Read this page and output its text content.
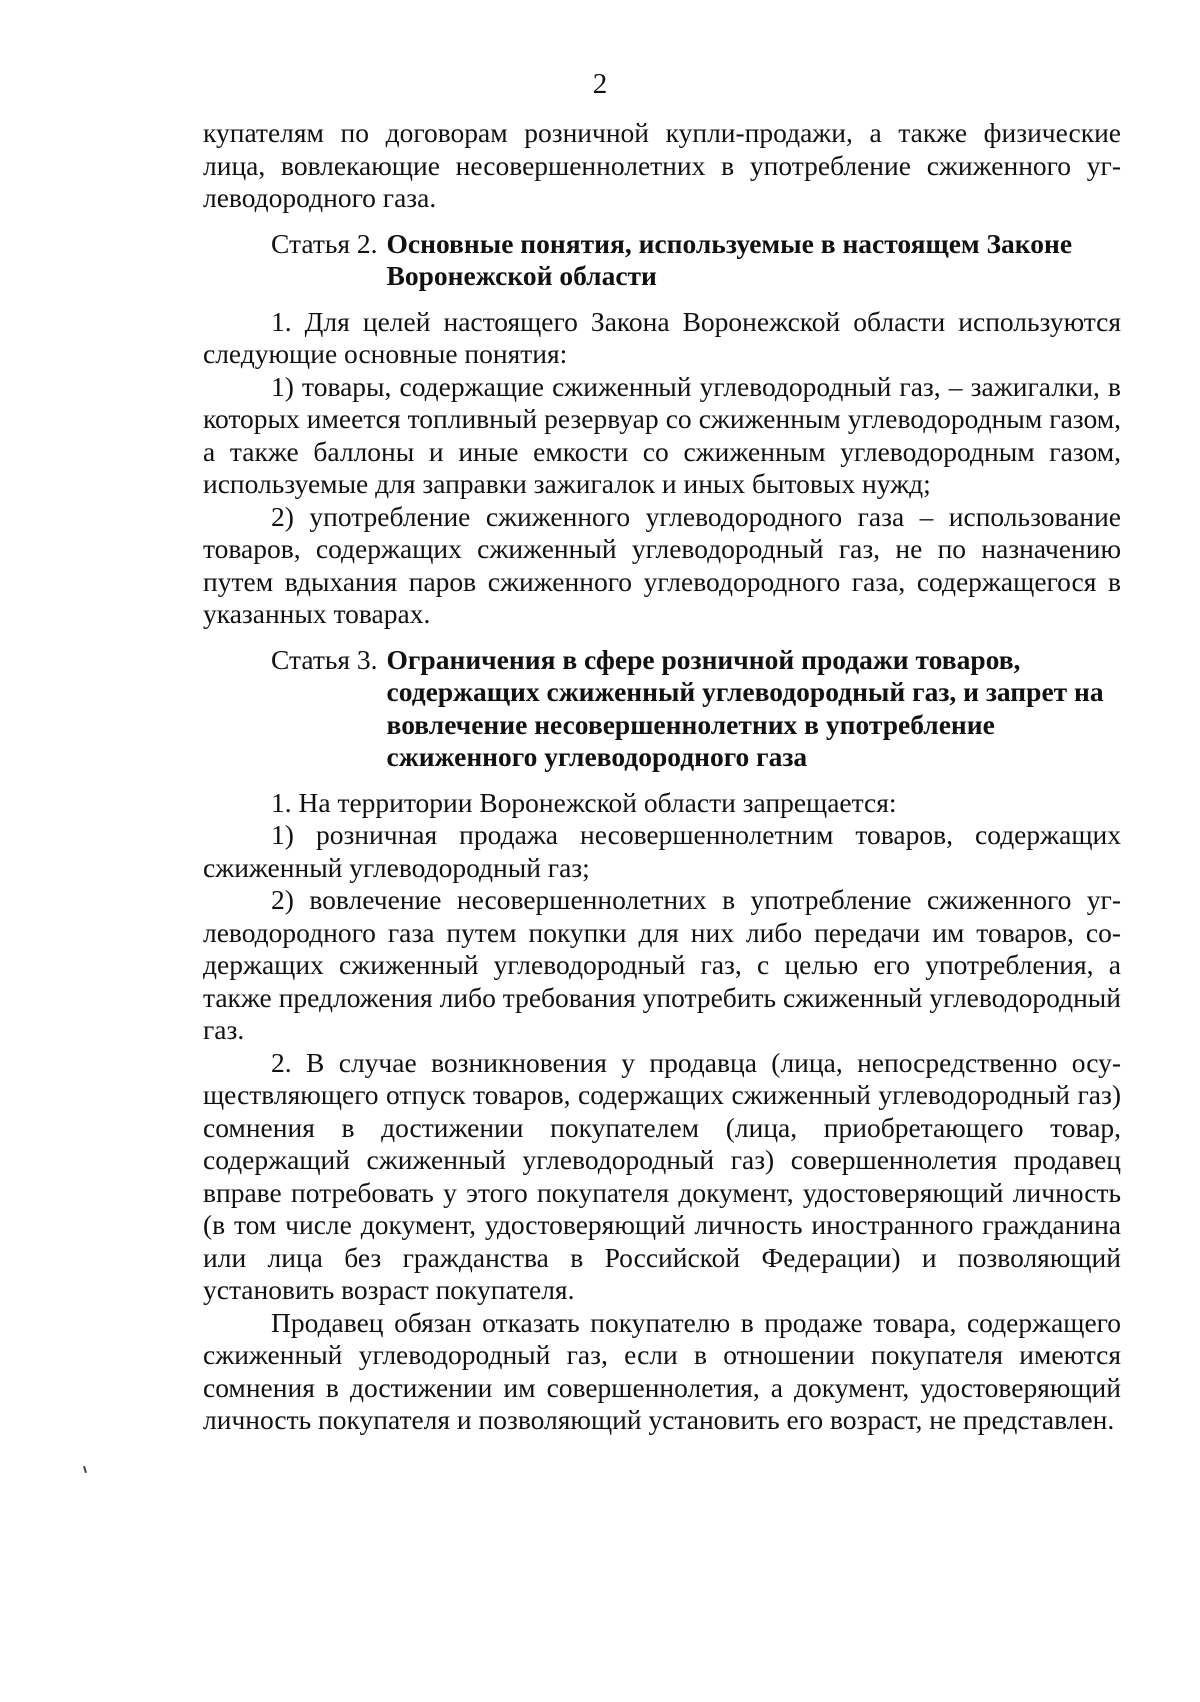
2

купателям по договорам розничной купли-продажи, а также физические лица, вовлекающие несовершеннолетних в употребление сжиженного углеводородного газа.

Статья 2. Основные понятия, используемые в настоящем Законе Воронежской области

1. Для целей настоящего Закона Воронежской области используются следующие основные понятия:

1) товары, содержащие сжиженный углеводородный газ, – зажигалки, в которых имеется топливный резервуар со сжиженным углеводородным газом, а также баллоны и иные емкости со сжиженным углеводородным газом, используемые для заправки зажигалок и иных бытовых нужд;

2) употребление сжиженного углеводородного газа – использование товаров, содержащих сжиженный углеводородный газ, не по назначению путем вдыхания паров сжиженного углеводородного газа, содержащегося в указанных товарах.

Статья 3. Ограничения в сфере розничной продажи товаров, содержащих сжиженный углеводородный газ, и запрет на вовлечение несовершеннолетних в употребление сжиженного углеводородного газа

1. На территории Воронежской области запрещается:

1) розничная продажа несовершеннолетним товаров, содержащих сжиженный углеводородный газ;

2) вовлечение несовершеннолетних в употребление сжиженного углеводородного газа путем покупки для них либо передачи им товаров, содержащих сжиженный углеводородный газ, с целью его употребления, а также предложения либо требования употребить сжиженный углеводородный газ.

2. В случае возникновения у продавца (лица, непосредственно осуществляющего отпуск товаров, содержащих сжиженный углеводородный газ) сомнения в достижении покупателем (лица, приобретающего товар, содержащий сжиженный углеводородный газ) совершеннолетия продавец вправе потребовать у этого покупателя документ, удостоверяющий личность (в том числе документ, удостоверяющий личность иностранного гражданина или лица без гражданства в Российской Федерации) и позволяющий установить возраст покупателя.

Продавец обязан отказать покупателю в продаже товара, содержащего сжиженный углеводородный газ, если в отношении покупателя имеются сомнения в достижении им совершеннолетия, а документ, удостоверяющий личность покупателя и позволяющий установить его возраст, не представлен.
